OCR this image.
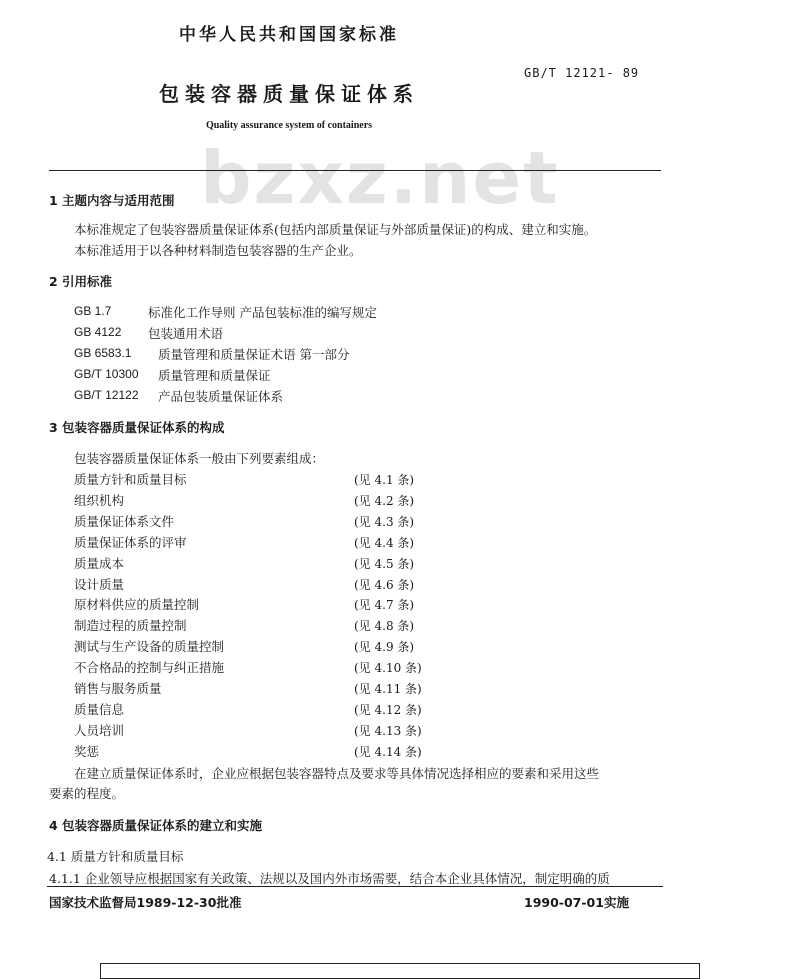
bzxz.net
中华人民共和国国家标准
GB/T 12121- 89
包装容器质量保证体系
Quality assurance system of containers
1 主题内容与适用范围
本标准规定了包装容器质量保证体系(包括内部质量保证与外部质量保证)的构成、建立和实施。
本标准适用于以各种材料制造包装容器的生产企业。
2 引用标准
GB 1.7	标准化工作导则 产品包装标准的编写规定
GB 4122 包装通用术语
GB 6583.1 质量管理和质量保证术语 第一部分
GB/T 10300 质量管理和质量保证
GB/T 12122 产品包装质量保证体系
3 包装容器质量保证体系的构成
包装容器质量保证体系一般由下列要素组成：
质量方针和质量目标	(见 4.1 条)
组织机构	(见 4.2 条)
质量保证体系文件	(见 4.3 条)
质量保证体系的评审	(见 4.4 条)
质量成本	(见 4.5 条)
设计质量	(见 4.6 条)
原材料供应的质量控制	(见 4.7 条)
制造过程的质量控制	(见 4.8 条)
测试与生产设备的质量控制	(见 4.9 条)
不合格品的控制与纠正措施	(见 4.10 条)
销售与服务质量	(见 4.11 条)
质量信息	(见 4.12 条)
人员培训	(见 4.13 条)
奖惩	(见 4.14 条)
在建立质量保证体系时，企业应根据包装容器特点及要求等具体情况选择相应的要素和采用这些
要素的程度。
4 包装容器质量保证体系的建立和实施
4.1 质量方针和质量目标
4.1.1 企业领导应根据国家有关政策、法规以及国内外市场需要，结合本企业具体情况，制定明确的质
国家技术监督局1989-12-30批准	1990-07-01实施
